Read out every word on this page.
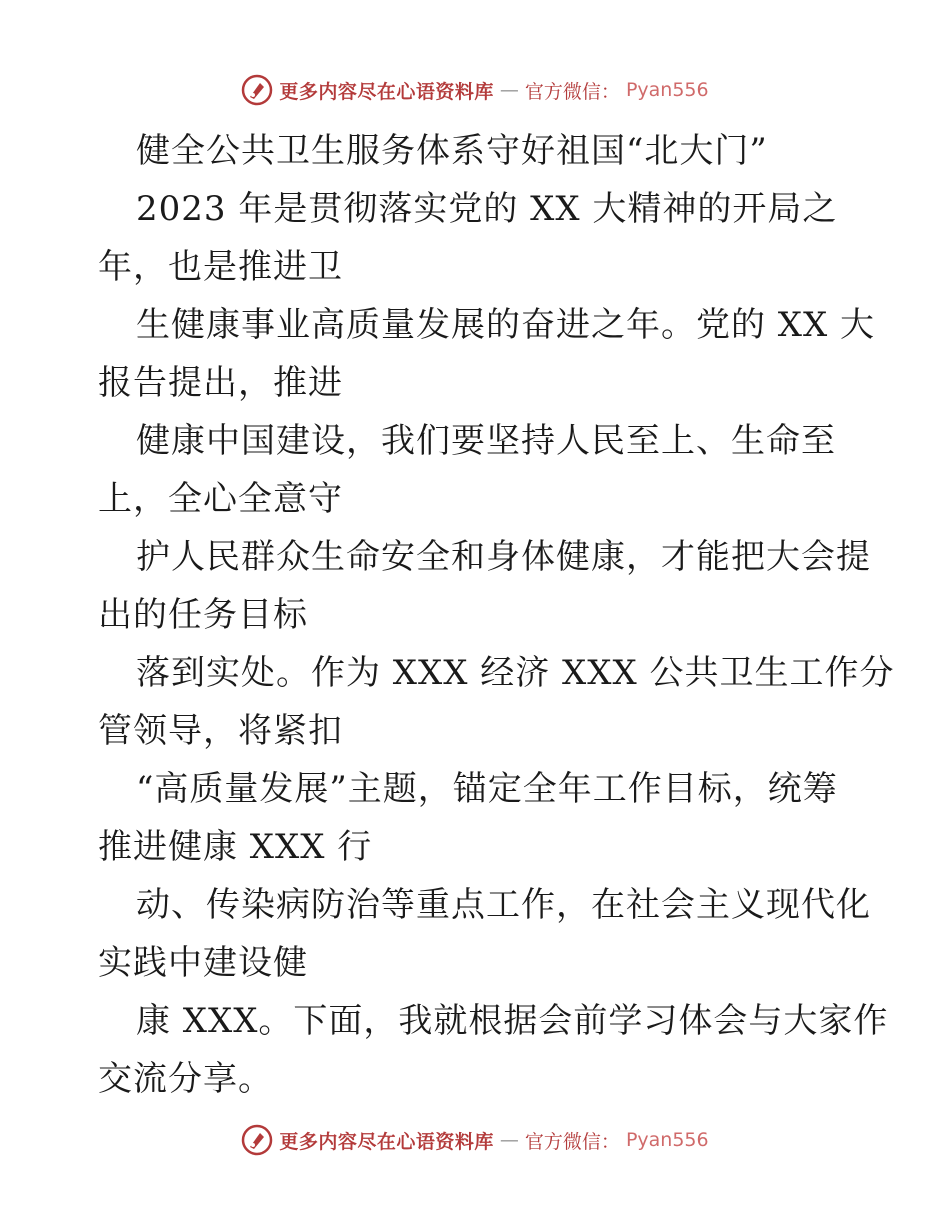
更多内容尽在心语资料库 — 官方微信： Pyan556
健全公共卫生服务体系守好祖国“北大门”
2023 年是贯彻落实党的 XX 大精神的开局之
年，也是推进卫
生健康事业高质量发展的奋进之年。党的 XX 大
报告提出，推进
健康中国建设，我们要坚持人民至上、生命至
上，全心全意守
护人民群众生命安全和身体健康，才能把大会提
出的任务目标
落到实处。作为 XXX 经济 XXX 公共卫生工作分
管领导，将紧扣
“高质量发展”主题，锚定全年工作目标，统筹
推进健康 XXX 行
动、传染病防治等重点工作，在社会主义现代化
实践中建设健
康 XXX。下面，我就根据会前学习体会与大家作
交流分享。
更多内容尽在心语资料库 — 官方微信： Pyan556
